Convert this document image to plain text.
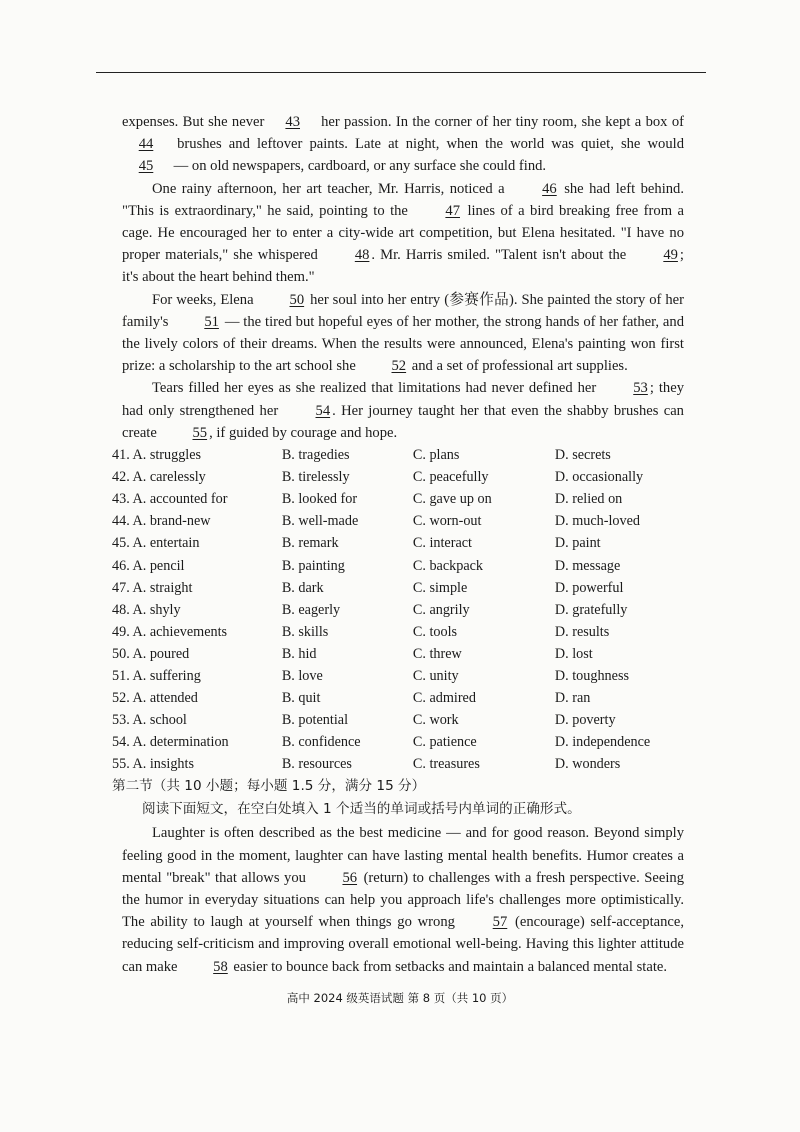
expenses. But she never 43 her passion. In the corner of her tiny room, she kept a box of 44 brushes and leftover paints. Late at night, when the world was quiet, she would 45 — on old newspapers, cardboard, or any surface she could find.

One rainy afternoon, her art teacher, Mr. Harris, noticed a	46 she had left behind. "This is extraordinary," he said, pointing to the	47 lines of a bird breaking free from a cage. He encouraged her to enter a city-wide art competition, but Elena hesitated. "I have no proper materials," she whispered	48 . Mr. Harris smiled. "Talent isn't about the	49 ; it's about the heart behind them."

For weeks, Elena 50 her soul into her entry (参赛作品). She painted the story of her family's 51 — the tired but hopeful eyes of her mother, the strong hands of her father, and the lively colors of their dreams. When the results were announced, Elena's painting won first prize: a scholarship to the art school she 52 and a set of professional art supplies.

Tears filled her eyes as she realized that limitations had never defined her	53 ; they had only strengthened her	54 . Her journey taught her that even the shabby brushes can create 55 , if guided by courage and hope.

41. A. struggles	B. tragedies	C. plans	D. secrets
42. A. carelessly	B. tirelessly	C. peacefully	D. occasionally
43. A. accounted for	B. looked for	C. gave up on	D. relied on
44. A. brand-new	B. well-made	C. worn-out	D. much-loved
45. A. entertain	B. remark	C. interact	D. paint
46. A. pencil	B. painting	C. backpack	D. message
47. A. straight	B. dark	C. simple	D. powerful
48. A. shyly	B. eagerly	C. angrily	D. gratefully
49. A. achievements	B. skills	C. tools	D. results
50. A. poured	B. hid	C. threw	D. lost
51. A. suffering	B. love	C. unity	D. toughness
52. A. attended	B. quit	C. admired	D. ran
53. A. school	B. potential	C. work	D. poverty
54. A. determination	B. confidence	C. patience	D. independence
55. A. insights	B. resources	C. treasures	D. wonders
第二节（共 10 小题；每小题 1.5 分，满分 15 分）

阅读下面短文，在空白处填入 1 个适当的单词或括号内单词的正确形式。

Laughter is often described as the best medicine — and for good reason. Beyond simply feeling good in the moment, laughter can have lasting mental health benefits. Humor creates a mental "break" that allows you	56 (return) to challenges with a fresh perspective. Seeing the humor in everyday situations can help you approach life's challenges more optimistically. The ability to laugh at yourself when things go wrong	57 (encourage) self-acceptance, reducing self-criticism and improving overall emotional well-being. Having this lighter attitude can make 58 easier to bounce back from setbacks and maintain a balanced mental state.

高中 2024 级英语试题 第 8 页（共 10 页）
